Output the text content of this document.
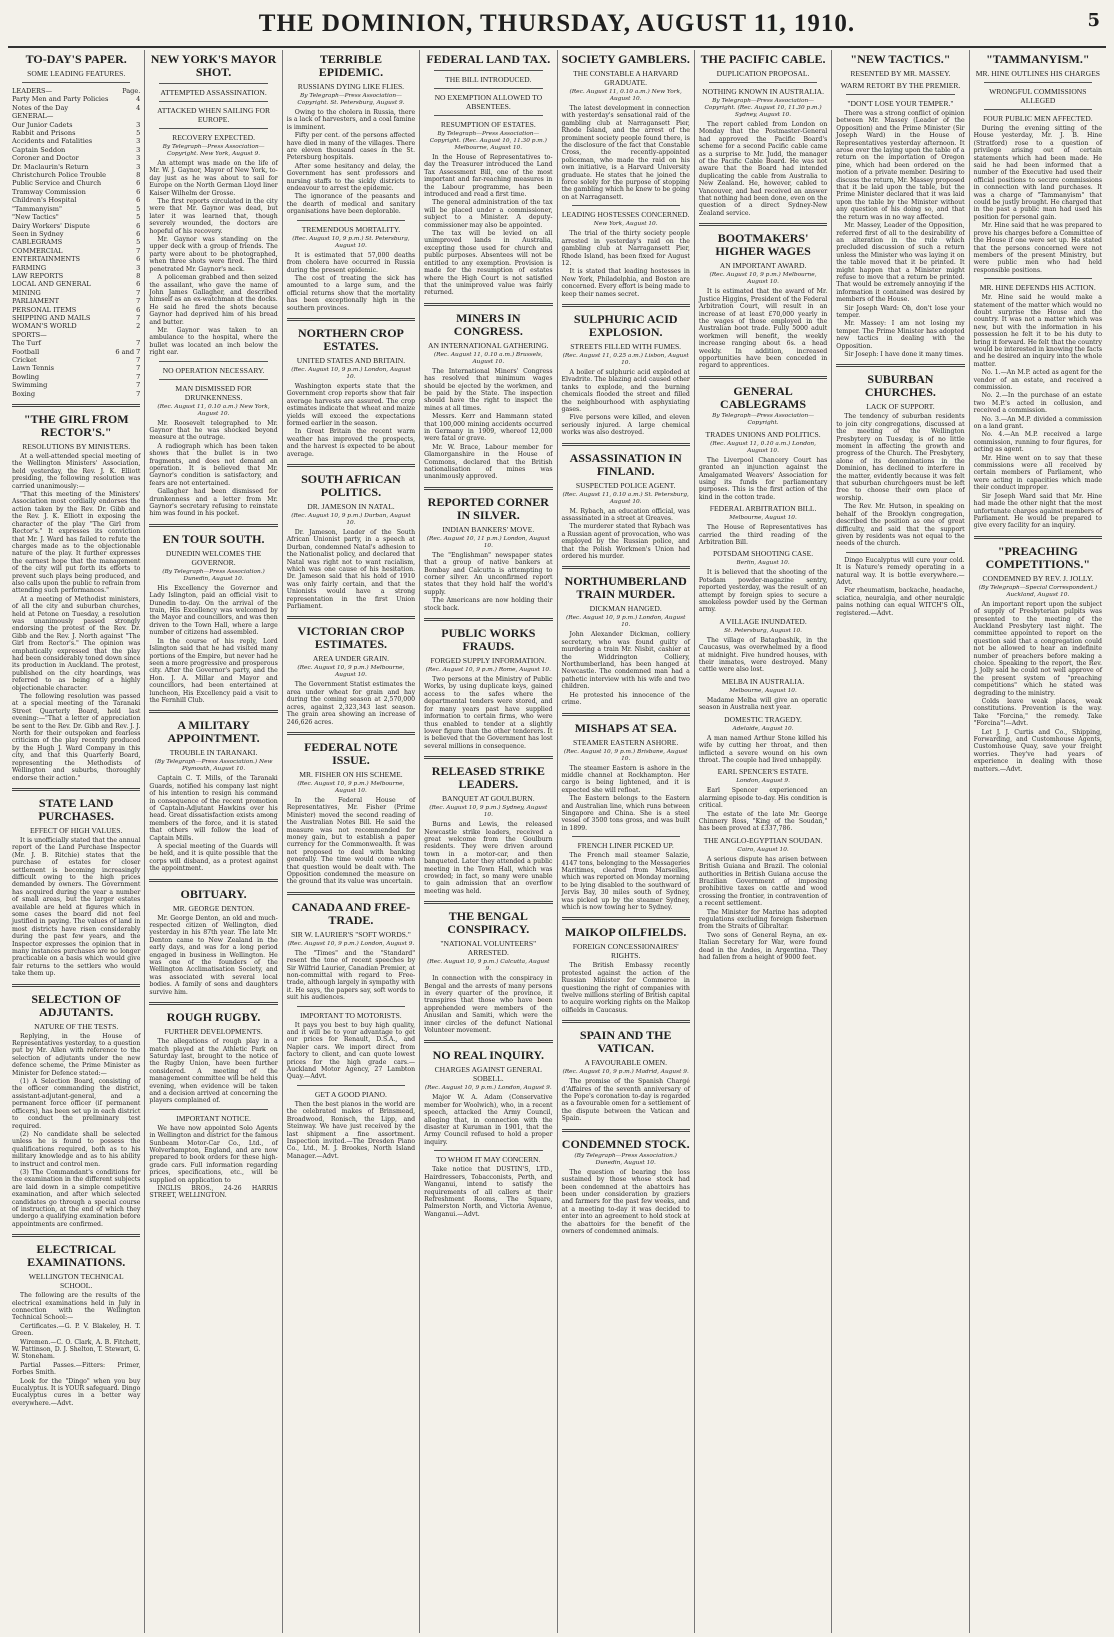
THE DOMINION, THURSDAY, AUGUST 11, 1910.	5
TO-DAY'S PAPER.
SOME LEADING FEATURES.
LEADERS—	Page.
Party Men and Party Policies	4
Notes of the Day	4
GENERAL—
Our Junior Cadets	3
Rabbit and Prisons	5
Accidents and Fatalities	3
Captain Seddon	3
Coroner and Doctor	3
Dr. Maclaurin's Return	3
Christchurch Police Trouble	8
Public Service and Church	6
Tramway Commission	6
Children's Hospital	6
"Tammanyism"	5
"New Tactics"	5
Dairy Workers' Dispute	6
Seen in Sydney	6
CABLEGRAMS	5
COMMERCIAL	7
ENTERTAINMENTS	6
FARMING	3
LAW REPORTS	8
LOCAL AND GENERAL	6
MINING	7
PARLIAMENT	7
PERSONAL ITEMS	6
SHIPPING AND MAILS	7
WOMAN'S WORLD	2
SPORTS—
The Turf	7
Football	6 and 7
Cricket	7
Lawn Tennis	7
Bowling	7
Swimming	7
Boxing	7
"THE GIRL FROM RECTOR'S."
RESOLUTIONS BY MINISTERS.
At a well-attended special meeting of the Wellington Ministers' Association, held yesterday, the Rev. J. K. Elliott presiding, the following resolution was carried unanimously:—
"That this meeting of the Ministers' Association most cordially endorses the action taken by the Rev. Dr. Gibb and the Rev. J. K. Elliott in exposing the character of the play "The Girl from Rector's." It expresses its conviction that Mr. J. Ward has failed to refute the charges made as to the objectionable nature of the play. It further expresses the earnest hope that the management of the city will put forth its efforts to prevent such plays being produced, and also calls upon the public to refrain from attending such performances."
At a meeting of Methodist ministers, of all the city and suburban churches, held at Petone on Tuesday, a resolution was unanimously passed strongly endorsing the protest of the Rev. Dr. Gibb and the Rev. J. North against "The Girl from Rector's." The opinion was emphatically expressed that the play had been considerably toned down since its production in Auckland. The protest, published on the city hoardings, was referred to as being of a highly objectionable character.
The following resolution was passed at a special meeting of the Taranaki Street Quarterly Board, held last evening:—"That a letter of appreciation be sent to the Rev. Dr. Gibb and Rev. J. J. North for their outspoken and fearless criticism of the play recently produced by the Hugh J. Ward Company in this city, and that this Quarterly Board, representing the Methodists of Wellington and suburbs, thoroughly endorse their action."
STATE LAND PURCHASES.
EFFECT OF HIGH VALUES.
It is unofficially stated that the annual report of the Land Purchase Inspector (Mr. J. B. Ritchie) states that the purchase of estates for closer settlement is becoming increasingly difficult owing to the high prices demanded by owners. The Government has acquired during the year a number of small areas, but the larger estates available are held at figures which in some cases the board did not feel justified in paying. The values of land in most districts have risen considerably during the past few years, and the Inspector expresses the opinion that in many instances purchases are no longer practicable on a basis which would give fair returns to the settlers who would take them up.
SELECTION OF ADJUTANTS.
NATURE OF THE TESTS.
Replying, in the House of Representatives yesterday, to a question put by Mr. Allen with reference to the selection of adjutants under the new defence scheme, the Prime Minister as Minister for Defence stated:—
(1) A Selection Board, consisting of the officer commanding the district, assistant-adjutant-general, and a permanent force officer (if permanent officers), has been set up in each district to conduct the preliminary test required.
(2) No candidate shall be selected unless he is found to possess the qualifications required, both as to his military knowledge and as to his ability to instruct and control men.
(3) The Commandant's conditions for the examination in the different subjects are laid down in a simple competitive examination, and after which selected candidates go through a special course of instruction, at the end of which they undergo a qualifying examination before appointments are confirmed.
ELECTRICAL EXAMINATIONS.
WELLINGTON TECHNICAL SCHOOL.
The following are the results of the electrical examinations held in July in connection with the Wellington Technical School:—
Certificates.—G. P. V. Blakeley, H. T. Green.
Wiremen.—C. O. Clark, A. B. Fitchett, W. Pattinson, D. J. Shelton, T. Stewart, G. W. Stoneham.
Partial Passes.—Fitters: Primer, Forbes Smith.
Look for the "Dingo" when you buy Eucalyptus. It is YOUR safeguard. Dingo Eucalyptus cures in a better way everywhere.—Advt.
NEW YORK'S MAYOR SHOT.
ATTEMPTED ASSASSINATION.
ATTACKED WHEN SAILING FOR EUROPE.
RECOVERY EXPECTED.
By Telegraph—Press Association—Copyright. New York, August 9.
An attempt was made on the life of Mr. W. J. Gaynor, Mayor of New York, to-day just as he was about to sail for Europe on the North German Lloyd liner Kaiser Wilhelm der Grosse.
The first reports circulated in the city were that Mr. Gaynor was dead, but later it was learned that, though severely wounded, the doctors are hopeful of his recovery.
Mr. Gaynor was standing on the upper deck with a group of friends. The party were about to be photographed, when three shots were fired. The third penetrated Mr. Gaynor's neck.
A policeman grabbed and then seized the assailant, who gave the name of John James Gallagher, and described himself as an ex-watchman at the docks. He said he fired the shots because Gaynor had deprived him of his bread and butter.
Mr. Gaynor was taken to an ambulance to the hospital, where the bullet was located an inch below the right ear.
NO OPERATION NECESSARY.
MAN DISMISSED FOR DRUNKENNESS.
(Rec. August 11, 0.10 a.m.) New York, August 10.
Mr. Roosevelt telegraphed to Mr. Gaynor that he was shocked beyond measure at the outrage.
A radiograph which has been taken shows that the bullet is in two fragments, and does not demand an operation. It is believed that Mr. Gaynor's condition is satisfactory, and fears are not entertained.
Gallagher had been dismissed for drunkenness and a letter from Mr. Gaynor's secretary refusing to reinstate him was found in his pocket.
EN TOUR SOUTH.
DUNEDIN WELCOMES THE GOVERNOR.
(By Telegraph—Press Association.) Dunedin, August 10.
His Excellency the Governor and Lady Islington, paid an official visit to Dunedin to-day. On the arrival of the train, His Excellency was welcomed by the Mayor and councillors, and was then driven to the Town Hall, where a large number of citizens had assembled.
In the course of his reply, Lord Islington said that he had visited many portions of the Empire, but never had he seen a more progressive and prosperous city. After the Governor's party, and the Hon. J. A. Millar and Mayor and councillors, had been entertained at luncheon, His Excellency paid a visit to the Fernhill Club.
A MILITARY APPOINTMENT.
TROUBLE IN TARANAKI.
(By Telegraph—Press Association.) New Plymouth, August 10.
Captain C. T. Mills, of the Taranaki Guards, notified his company last night of his intention to resign his command in consequence of the recent promotion of Captain-Adjutant Hawkins over his head. Great dissatisfaction exists among members of the force, and it is stated that others will follow the lead of Captain Mills.
A special meeting of the Guards will be held, and it is quite possible that the corps will disband, as a protest against the appointment.
OBITUARY.
MR. GEORGE DENTON.
Mr. George Denton, an old and much-respected citizen of Wellington, died yesterday in his 87th year. The late Mr. Denton came to New Zealand in the early days, and was for a long period engaged in business in Wellington. He was one of the founders of the Wellington Acclimatisation Society, and was associated with several local bodies. A family of sons and daughters survive him.
ROUGH RUGBY.
FURTHER DEVELOPMENTS.
The allegations of rough play in a match played at the Athletic Park on Saturday last, brought to the notice of the Rugby Union, have been further considered. A meeting of the management committee will be held this evening, when evidence will be taken and a decision arrived at concerning the players complained of.
IMPORTANT NOTICE.
We have now appointed Solo Agents in Wellington and district for the famous Sunbeam Motor-Car Co., Ltd., of Wolverhampton, England, and are now prepared to book orders for these high-grade cars. Full information regarding prices, specifications, etc., will be supplied on application to
INGLIS BROS., 24-26 HARRIS STREET, WELLINGTON.
TERRIBLE EPIDEMIC.
RUSSIANS DYING LIKE FLIES.
By Telegraph—Press Association—Copyright. St. Petersburg, August 9.
Owing to the cholera in Russia, there is a lack of harvesters, and a coal famine is imminent.
Fifty per cent. of the persons affected have died in many of the villages. There are eleven thousand cases in the St. Petersburg hospitals.
After some hesitancy and delay, the Government has sent professors and nursing staffs to the sickly districts to endeavour to arrest the epidemic.
The ignorance of the peasants and the dearth of medical and sanitary organisations have been deplorable.
TREMENDOUS MORTALITY.
(Rec. August 10, 9 p.m.) St. Petersburg, August 10.
It is estimated that 57,000 deaths from cholera have occurred in Russia during the present epidemic.
The cost of treating the sick has amounted to a large sum, and the official returns show that the mortality has been exceptionally high in the southern provinces.
NORTHERN CROP ESTATES.
UNITED STATES AND BRITAIN.
(Rec. August 10, 9 p.m.) London, August 10.
Washington experts state that the Government crop reports show that fair average harvests are assured. The crop estimates indicate that wheat and maize yields will exceed the expectations formed earlier in the season.
In Great Britain the recent warm weather has improved the prospects, and the harvest is expected to be about average.
SOUTH AFRICAN POLITICS.
DR. JAMESON IN NATAL.
(Rec. August 10, 9 p.m.) Durban, August 10.
Dr. Jameson, Leader of the South African Unionist party, in a speech at Durban, condemned Natal's adhesion to the Nationalist policy, and declared that Natal was right not to want racialism, which was one cause of his hesitation. Dr. Jameson said that his hold of 1910 was only fairly certain, and that the Unionists would have a strong representation in the first Union Parliament.
VICTORIAN CROP ESTIMATES.
AREA UNDER GRAIN.
(Rec. August 10, 9 p.m.) Melbourne, August 10.
The Government Statist estimates the area under wheat for grain and hay during the coming season at 2,570,000 acres, against 2,323,343 last season. The grain area showing an increase of 246,626 acres.
FEDERAL NOTE ISSUE.
MR. FISHER ON HIS SCHEME.
(Rec. August 10, 9 p.m.) Melbourne, August 10.
In the Federal House of Representatives, Mr. Fisher (Prime Minister) moved the second reading of the Australian Notes Bill. He said the measure was not recommended for money gain, but to establish a paper currency for the Commonwealth. It was not proposed to deal with banking generally. The time would come when that question would be dealt with. The Opposition condemned the measure on the ground that its value was uncertain.
CANADA AND FREE-TRADE.
SIR W. LAURIER'S "SOFT WORDS."
(Rec. August 10, 9 p.m.) London, August 9.
The "Times" and the "Standard" resent the tone of recent speeches by Sir Wilfrid Laurier, Canadian Premier, at non-committal with regard to Free-trade, although largely in sympathy with it. He says, the papers say, soft words to suit his audiences.
IMPORTANT TO MOTORISTS.
It pays you best to buy high quality, and it will be to your advantage to get our prices for Renault, D.S.A., and Napier cars. We import direct from factory to client, and can quote lowest prices for the high grade cars.—Auckland Motor Agency, 27 Lambton Quay.—Advt.
GET A GOOD PIANO.
Then the best pianos in the world are the celebrated makes of Brinsmead, Broadwood, Ronisch, the Lipp, and Steinway. We have just received by the last shipment a fine assortment. Inspection invited.—The Dresden Piano Co., Ltd., M. J. Brookes, North Island Manager.—Advt.
FEDERAL LAND TAX.
THE BILL INTRODUCED.
NO EXEMPTION ALLOWED TO ABSENTEES.
RESUMPTION OF ESTATES.
By Telegraph—Press Association—Copyright. (Rec. August 10, 11.30 p.m.) Melbourne, August 10.
In the House of Representatives to-day the Treasurer introduced the Land Tax Assessment Bill, one of the most important and far-reaching measures in the Labour programme, has been introduced and read a first time.
The general administration of the tax will be placed under a commissioner, subject to a Minister. A deputy-commissioner may also be appointed.
The tax will be levied on all unimproved lands in Australia, excepting those used for church and public purposes. Absentees will not be entitled to any exemption. Provision is made for the resumption of estates where the High Court is not satisfied that the unimproved value was fairly returned.
MINERS IN CONGRESS.
AN INTERNATIONAL GATHERING.
(Rec. August 11, 0.10 a.m.) Brussels, August 10.
The International Miners' Congress has resolved that minimum wages should be ejected by the workmen, and be paid by the State. The inspection should have the right to inspect the mines at all times.
Messrs. Kerr and Hammann stated that 100,000 mining accidents occurred in Germany in 1909, whereof 12,000 were fatal or grave.
Mr. W. Brace, Labour member for Glamorganshire in the House of Commons, declared that the British nationalisation of mines was unanimously approved.
REPORTED CORNER IN SILVER.
INDIAN BANKERS' MOVE.
(Rec. August 10, 11 p.m.) London, August 10.
The "Englishman" newspaper states that a group of native bankers at Bombay and Calcutta is attempting to corner silver. An unconfirmed report states that they hold half the world's supply.
The Americans are now holding their stock back.
PUBLIC WORKS FRAUDS.
FORGED SUPPLY INFORMATION.
(Rec. August 10, 9 p.m.) Rome, August 10.
Two persons at the Ministry of Public Works, by using duplicate keys, gained access to the safes where the departmental tenders were stored, and for many years past have supplied information to certain firms, who were thus enabled to tender at a slightly lower figure than the other tenderers. It is believed that the Government has lost several millions in consequence.
RELEASED STRIKE LEADERS.
BANQUET AT GOULBURN.
(Rec. August 10, 9 p.m.) Sydney, August 10.
Burns and Lewis, the released Newcastle strike leaders, received a great welcome from the Goulburn residents. They were driven around town in a motor-car, and then banqueted. Later they attended a public meeting in the Town Hall, which was crowded; in fact, so many were unable to gain admission that an overflow meeting was held.
THE BENGAL CONSPIRACY.
"NATIONAL VOLUNTEERS" ARRESTED.
(Rec. August 10, 9 p.m.) Calcutta, August 9.
In connection with the conspiracy in Bengal and the arrests of many persons in every quarter of the province, it transpires that those who have been apprehended were members of the Anusilan and Samiti, which were the inner circles of the defunct National Volunteer movement.
NO REAL INQUIRY.
CHARGES AGAINST GENERAL SOBELL.
(Rec. August 10, 9 p.m.) London, August 9.
Major W. A. Adam (Conservative member for Woolwich), who, in a recent speech, attacked the Army Council, alleging that, in connection with the disaster at Kuruman in 1901, that the Army Council refused to hold a proper inquiry.
TO WHOM IT MAY CONCERN.
Take notice that DUSTIN'S, LTD., Hairdressers, Tobacconists, Perth, and Wanganui, intend to satisfy the requirements of all callers at their Refreshment Rooms, The Square, Palmerston North, and Victoria Avenue, Wanganui.—Advt.
SOCIETY GAMBLERS.
THE CONSTABLE A HARVARD GRADUATE.
(Rec. August 11, 0.10 a.m.) New York, August 10.
The latest development in connection with yesterday's sensational raid of the gambling club at Narragansett Pier, Rhode Island, and the arrest of the prominent society people found there, is the disclosure of the fact that Constable Cross, the recently-appointed policeman, who made the raid on his own initiative, is a Harvard University graduate. He states that he joined the force solely for the purpose of stopping the gambling which he knew to be going on at Narragansett.
LEADING HOSTESSES CONCERNED.
New York, August 10.
The trial of the thirty society people arrested in yesterday's raid on the gambling club at Narragansett Pier, Rhode Island, has been fixed for August 12.
It is stated that leading hostesses in New York, Philadelphia, and Boston are concerned. Every effort is being made to keep their names secret.
SULPHURIC ACID EXPLOSION.
STREETS FILLED WITH FUMES.
(Rec. August 11, 0.25 a.m.) Lisbon, August 10.
A boiler of sulphuric acid exploded at Elvadrite. The blazing acid caused other tanks to explode, and the burning chemicals flooded the street and filled the neighbourhood with asphyxiating gases.
Five persons were killed, and eleven seriously injured. A large chemical works was also destroyed.
ASSASSINATION IN FINLAND.
SUSPECTED POLICE AGENT.
(Rec. August 11, 0.10 a.m.) St. Petersburg, August 10.
M. Rybach, an education official, was assassinated in a street at Greaves.
The murderer stated that Rybach was a Russian agent of provocation, who was employed by the Russian police, and that the Polish Workmen's Union had ordered his murder.
NORTHUMBERLAND TRAIN MURDER.
DICKMAN HANGED.
(Rec. August 10, 9 p.m.) London, August 10.
John Alexander Dickman, colliery secretary, who was found guilty of murdering a train Mr. Nisbit, cashier at the Widdrington Colliery, Northumberland, has been hanged at Newcastle. The condemned man had a pathetic interview with his wife and two children.
He protested his innocence of the crime.
MISHAPS AT SEA.
STEAMER EASTERN ASHORE.
(Rec. August 10, 9 p.m.) Brisbane, August 10.
The steamer Eastern is ashore in the middle channel at Rockhampton. Her cargo is being lightened, and it is expected she will refloat.
The Eastern belongs to the Eastern and Australian line, which runs between Singapore and China. She is a steel vessel of 3500 tons gross, and was built in 1899.
FRENCH LINER PICKED UP.
The French mail steamer Salazie, 4147 tons, belonging to the Messageries Maritimes, cleared from Marseilles, which was reported on Monday morning to be lying disabled to the southward of Jervis Bay, 30 miles south of Sydney, was picked up by the steamer Sydney, which is now towing her to Sydney.
MAIKOP OILFIELDS.
FOREIGN CONCESSIONAIRES' RIGHTS.
The British Embassy recently protested against the action of the Russian Minister for Commerce in questioning the right of companies with twelve millions sterling of British capital to acquire working rights on the Maikop oilfields in Caucasus.
SPAIN AND THE VATICAN.
A FAVOURABLE OMEN.
(Rec. August 10, 9 p.m.) Madrid, August 9.
The promise of the Spanish Chargé d'Affaires of the seventh anniversary of the Pope's coronation to-day is regarded as a favourable omen for a settlement of the dispute between the Vatican and Spain.
CONDEMNED STOCK.
(By Telegraph—Press Association.) Dunedin, August 10.
The question of bearing the loss sustained by those whose stock had been condemned at the abattoirs has been under consideration by graziers and farmers for the past few weeks, and at a meeting to-day it was decided to enter into an agreement to hold stock at the abattoirs for the benefit of the owners of condemned animals.
THE PACIFIC CABLE.
DUPLICATION PROPOSAL.
NOTHING KNOWN IN AUSTRALIA.
By Telegraph—Press Association—Copyright. (Rec. August 10, 11.30 p.m.) Sydney, August 10.
The report cabled from London on Monday that the Postmaster-General had approved the Pacific Board's scheme for a second Pacific cable came as a surprise to Mr. Judd, the manager of the Pacific Cable Board. He was not aware that the Board had intended duplicating the cable from Australia to New Zealand. He, however, cabled to Vancouver, and had received an answer that nothing had been done, even on the question of a direct Sydney-New Zealand service.
BOOTMAKERS' HIGHER WAGES
AN IMPORTANT AWARD.
(Rec. August 10, 9 p.m.) Melbourne, August 10.
It is estimated that the award of Mr. Justice Higgins, President of the Federal Arbitration Court, will result in an increase of at least £70,000 yearly in the wages of those employed in the Australian boot trade. Fully 5000 adult workmen will benefit, the weekly increase ranging about 6s. a head weekly. In addition, increased opportunities have been conceded in regard to apprentices.
GENERAL CABLEGRAMS
By Telegraph—Press Association—Copyright.
TRADES UNIONS AND POLITICS.
(Rec. August 11, 0.10 a.m.) London, August 10.
The Liverpool Chancery Court has granted an injunction against the Amalgamated Weavers' Association for using its funds for parliamentary purposes. This is the first action of the kind in the cotton trade.
FEDERAL ARBITRATION BILL.
Melbourne, August 10.
The House of Representatives has carried the third reading of the Arbitration Bill.
POTSDAM SHOOTING CASE.
Berlin, August 10.
It is believed that the shooting of the Potsdam powder-magazine sentry, reported yesterday, was the result of an attempt by foreign spies to secure a smokeless powder used by the German army.
A VILLAGE INUNDATED.
St. Petersburg, August 10.
The village of Batagbashik, in the Caucasus, was overwhelmed by a flood at midnight. Five hundred houses, with their inmates, were destroyed. Many cattle were also lost.
MELBA IN AUSTRALIA.
Melbourne, August 10.
Madame Melba will give an operatic season in Australia next year.
DOMESTIC TRAGEDY.
Adelaide, August 10.
A man named Arthur Stone killed his wife by cutting her throat, and then inflicted a severe wound on his own throat. The couple had lived unhappily.
EARL SPENCER'S ESTATE.
London, August 9.
Earl Spencer experienced an alarming episode to-day. His condition is critical.
The estate of the late Mr. George Chinnery Ross, "King of the Soudan," has been proved at £337,786.
THE ANGLO-EGYPTIAN SOUDAN.
Cairo, August 10.
A serious dispute has arisen between British Guiana and Brazil. The colonial authorities in British Guiana accuse the Brazilian Government of imposing prohibitive taxes on cattle and wood crossing the frontier, in contravention of a recent settlement.
The Minister for Marine has adopted regulations excluding foreign fishermen from the Straits of Gibraltar.
Two sons of General Reyna, an ex-Italian Secretary for War, were found dead in the Andes, in Argentina. They had fallen from a height of 9000 feet.
"NEW TACTICS."
RESENTED BY MR. MASSEY.
WARM RETORT BY THE PREMIER.
"DON'T LOSE YOUR TEMPER."
There was a strong conflict of opinion between Mr. Massey (Leader of the Opposition) and the Prime Minister (Sir Joseph Ward) in the House of Representatives yesterday afternoon. It arose over the laying upon the table of a return on the importation of Oregon pine, which had been ordered on the motion of a private member. Desiring to discuss the return, Mr. Massey proposed that it be laid upon the table, but the Prime Minister declared that it was laid upon the table by the Minister without any question of his doing so, and that the return was in no way affected.
Mr. Massey, Leader of the Opposition, referred first of all to the desirability of an alteration in the rule which precluded discussion of such a return unless the Minister who was laying it on the table moved that it be printed. It might happen that a Minister might refuse to move that a return be printed. That would be extremely annoying if the information it contained was desired by members of the House.
Sir Joseph Ward: Oh, don't lose your temper.
Mr. Massey: I am not losing my temper. The Prime Minister has adopted new tactics in dealing with the Opposition.
Sir Joseph: I have done it many times.
SUBURBAN CHURCHES.
LACK OF SUPPORT.
The tendency of suburban residents to join city congregations, discussed at the meeting of the Wellington Presbytery on Tuesday, is of no little moment in affecting the growth and progress of the Church. The Presbytery, alone of its denominations in the Dominion, has declined to interfere in the matter, evidently because it was felt that suburban churchgoers must be left free to choose their own place of worship.
The Rev. Mr. Hutson, in speaking on behalf of the Brooklyn congregation, described the position as one of great difficulty, and said that the support given by residents was not equal to the needs of the church.
Dingo Eucalyptus will cure your cold. It is Nature's remedy operating in a natural way. It is bottle everywhere.—Advt.
For rheumatism, backache, headache, sciatica, neuralgia, and other neuralgic pains nothing can equal WITCH'S OIL, registered.—Advt.
"TAMMANYISM."
MR. HINE OUTLINES HIS CHARGES
WRONGFUL COMMISSIONS ALLEGED
FOUR PUBLIC MEN AFFECTED.
During the evening sitting of the House yesterday, Mr. J. B. Hine (Stratford) rose to a question of privilege arising out of certain statements which had been made. He said he had been informed that a number of the Executive had used their official positions to secure commissions in connection with land purchases. It was a charge of "Tammanyism" that could be justly brought. He charged that in the past a public man had used his position for personal gain.
Mr. Hine said that he was prepared to prove his charges before a Committee of the House if one were set up. He stated that the persons concerned were not members of the present Ministry, but were public men who had held responsible positions.
MR. HINE DEFENDS HIS ACTION.
Mr. Hine said he would make a statement of the matter which would no doubt surprise the House and the country. It was not a matter which was new, but with the information in his possession he felt it to be his duty to bring it forward. He felt that the country would be interested in knowing the facts and he desired an inquiry into the whole matter.
No. 1.—An M.P. acted as agent for the vendor of an estate, and received a commission.
No. 2.—In the purchase of an estate two M.P.'s acted in collusion, and received a commission.
No. 3.—An M.P. divided a commission on a land grant.
No. 4.—An M.P. received a large commission, running to four figures, for acting as agent.
Mr. Hine went on to say that these commissions were all received by certain members of Parliament, who were acting in capacities which made their conduct improper.
Sir Joseph Ward said that Mr. Hine had made the other night that the most unfortunate charges against members of Parliament. He would be prepared to give every facility for an inquiry.
"PREACHING COMPETITIONS."
CONDEMNED BY REV. J. JOLLY.
(By Telegraph—Special Correspondent.) Auckland, August 10.
An important report upon the subject of supply of Presbyterian pulpits was presented to the meeting of the Auckland Presbytery last night. The committee appointed to report on the question said that a congregation could not be allowed to hear an indefinite number of preachers before making a choice. Speaking to the report, the Rev. J. Jolly said he could not well approve of the present system of "preaching competitions" which he stated was degrading to the ministry.
Colds leave weak places, weak constitutions. Prevention is the way. Take "Forcina," the remedy. Take "Forcina"!—Advt.
Let J. J. Curtis and Co., Shipping, Forwarding, and Customhouse Agents, Customhouse Quay, save your freight worries. They've had years of experience in dealing with those matters.—Advt.
